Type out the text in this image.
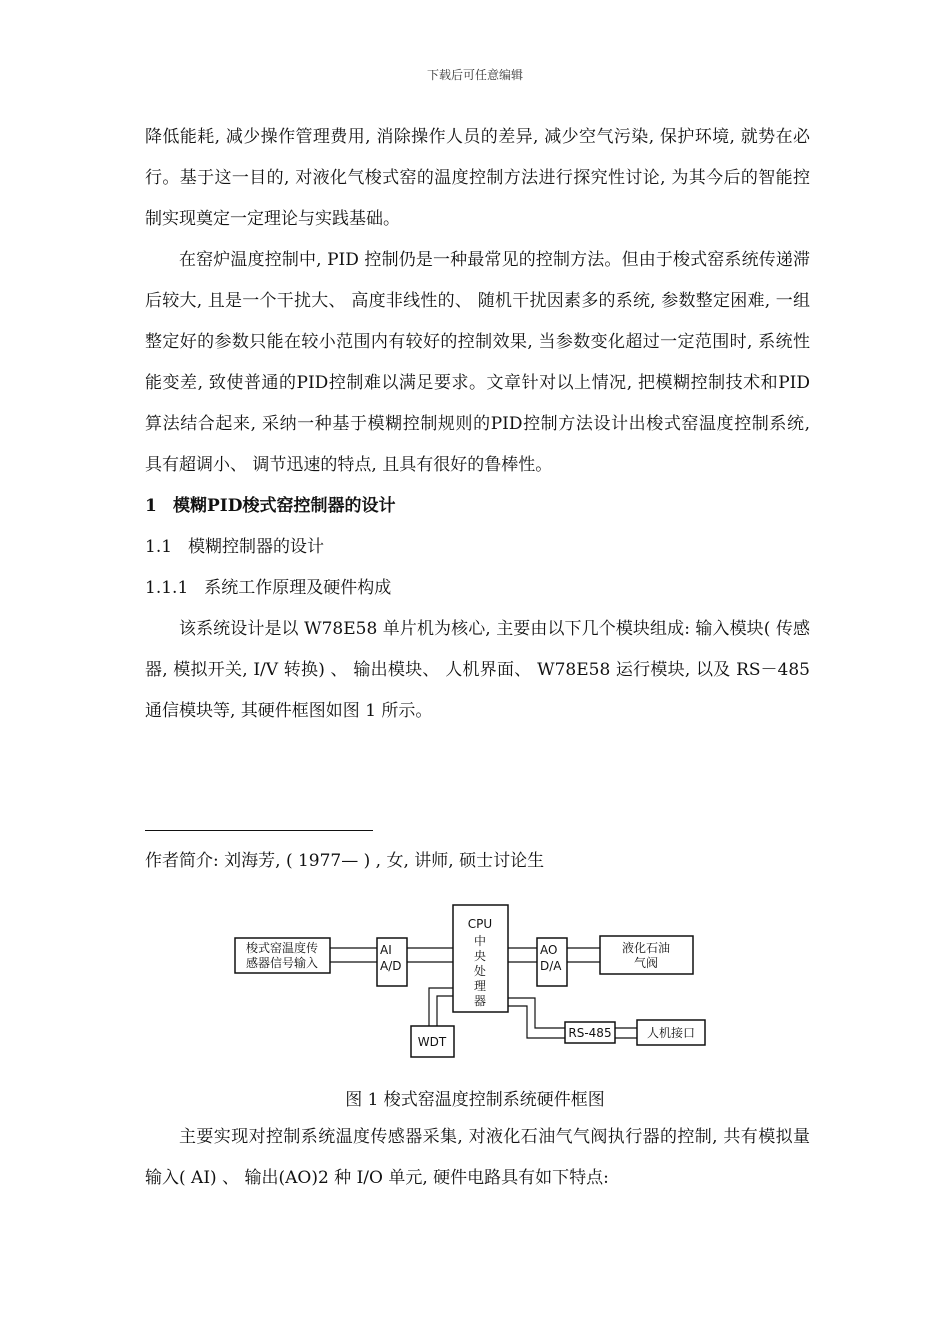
下载后可任意编辑

降低能耗, 减少操作管理费用, 消除操作人员的差异, 减少空气污染, 保护环境, 就势在必行。基于这一目的, 对液化气梭式窑的温度控制方法进行探究性讨论, 为其今后的智能控制实现奠定一定理论与实践基础。

在窑炉温度控制中, PID 控制仍是一种最常见的控制方法。但由于梭式窑系统传递滞后较大, 且是一个干扰大、 高度非线性的、 随机干扰因素多的系统, 参数整定困难, 一组整定好的参数只能在较小范围内有较好的控制效果, 当参数变化超过一定范围时, 系统性能变差, 致使普通的PID控制难以满足要求。文章针对以上情况, 把模糊控制技术和PID 算法结合起来, 采纳一种基于模糊控制规则的PID控制方法设计出梭式窑温度控制系统, 具有超调小、 调节迅速的特点, 且具有很好的鲁棒性。

1 模糊PID梭式窑控制器的设计

1.1 模糊控制器的设计

1.1.1 系统工作原理及硬件构成

该系统设计是以 W78E58 单片机为核心, 主要由以下几个模块组成: 输入模块( 传感器, 模拟开关, I/V 转换) 、 输出模块、 人机界面、 W78E58 运行模块, 以及 RS－485 通信模块等, 其硬件框图如图 1 所示。

作者简介: 刘海芳, ( 1977— ) , 女, 讲师, 硕士讨论生
梭式窑温度传
感器信号输入
AI
A/D
CPU
中
央
处
理
器
AO
D/A
液化石油
气阀
WDT
RS-485	人机接口
图 1 梭式窑温度控制系统硬件框图

主要实现对控制系统温度传感器采集, 对液化石油气气阀执行器的控制, 共有模拟量输入( AI) 、 输出(AO)2 种 I/O 单元, 硬件电路具有如下特点:
